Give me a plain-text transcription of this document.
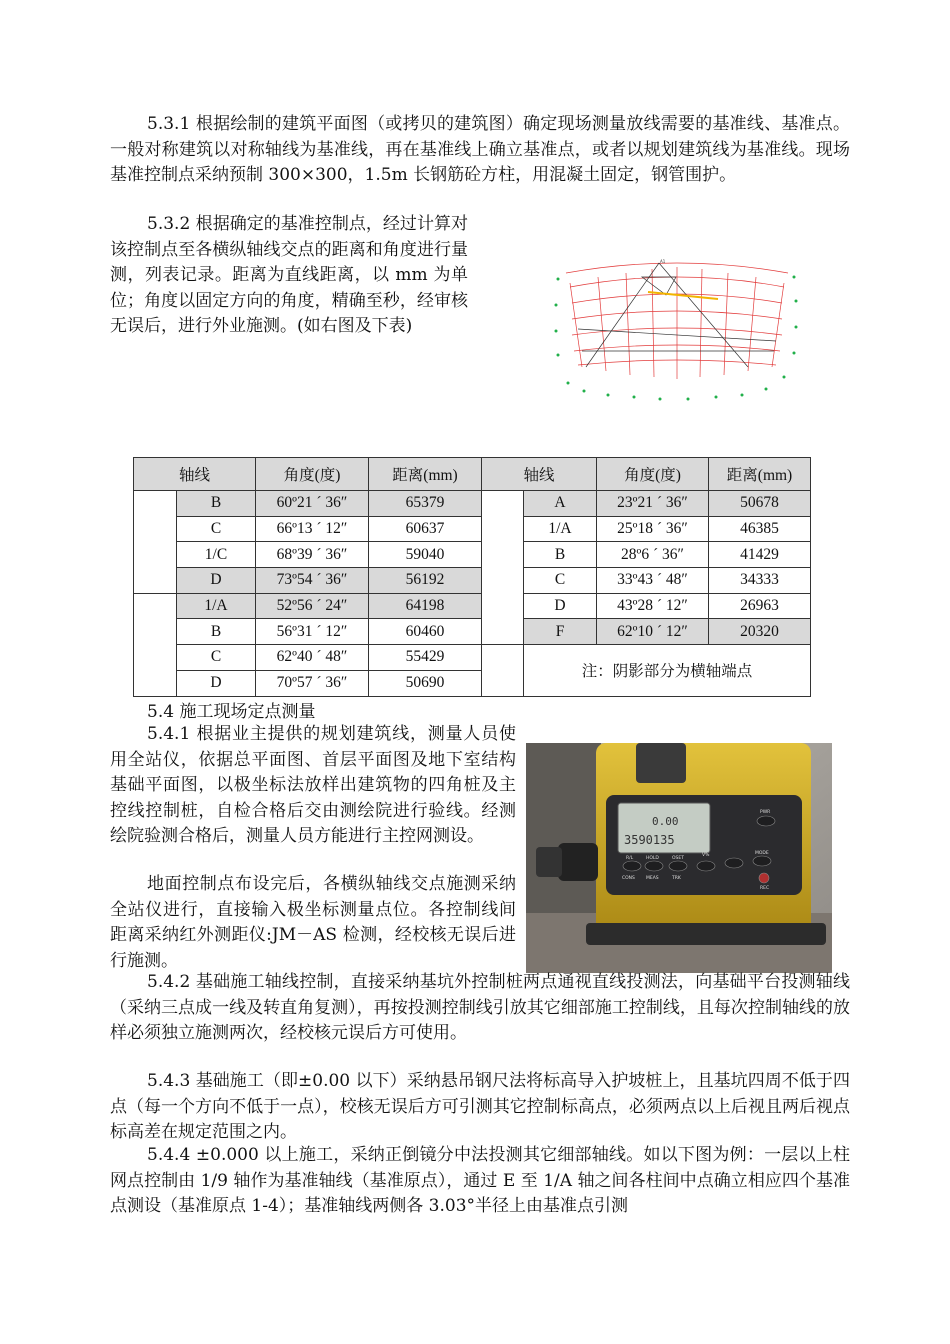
5.3.1 根据绘制的建筑平面图（或拷贝的建筑图）确定现场测量放线需要的基准线、基准点。一般对称建筑以对称轴线为基准线，再在基准线上确立基准点，或者以规划建筑线为基准线。现场基准控制点采纳预制 300×300，1.5m 长钢筋砼方柱，用混凝土固定，钢管围护。

5.3.2 根据确定的基准控制点，经过计算对该控制点至各横纵轴线交点的距离和角度进行量测，列表记录。距离为直线距离，以 mm 为单位；角度以固定方向的角度，精确至秒，经审核无误后，进行外业施测。(如右图及下表)

A1
轴线		角度(度)	距离(mm)	轴线		角度(度)	距离(mm)
	B	60º21 ´ 36″	65379		A	23º21 ´ 36″	50678
	C	66º13 ´ 12″	60637		1/A	25º18 ´ 36″	46385
	1/C	68º39 ´ 36″	59040		B	28º6 ´ 36″	41429
	D	73º54 ´ 36″	56192		C	33º43 ´ 48″	34333
	1/A	52º56 ´ 24″	64198		D	43º28 ´ 12″	26963
	B	56º31 ´ 12″	60460		F	62º10 ´ 12″	20320
	C	62º40 ´ 48″	55429		注：阴影部分为横轴端点		
	D	70º57 ´ 36″	50690				

5.4 施工现场定点测量

5.4.1 根据业主提供的规划建筑线，测量人员使用全站仪，依据总平面图、首层平面图及地下室结构基础平面图，以极坐标法放样出建筑物的四角桩及主控线控制桩，自检合格后交由测绘院进行验线。经测绘院验测合格后，测量人员方能进行主控网测设。

地面控制点布设完后，各横纵轴线交点施测采纳全站仪进行，直接输入极坐标测量点位。各控制线间距离采纳红外测距仪:JM－AS 检测，经校核无误后进行施测。

0.00
3590135
PWR
R/L	HOLD	OSET
V%	MODE
CONS MEAS	TRK
REC

5.4.2 基础施工轴线控制，直接采纳基坑外控制桩两点通视直线投测法，向基础平台投测轴线（采纳三点成一线及转直角复测），再按投测控制线引放其它细部施工控制线，且每次控制轴线的放样必须独立施测两次，经校核元误后方可使用。

5.4.3 基础施工（即±0.00 以下）采纳悬吊钢尺法将标高导入护坡桩上，且基坑四周不低于四点（每一个方向不低于一点），校核无误后方可引测其它控制标高点，必须两点以上后视且两后视点标高差在规定范围之内。

5.4.4 ±0.000 以上施工，采纳正倒镜分中法投测其它细部轴线。如以下图为例：一层以上柱网点控制由 1/9 轴作为基准轴线（基准原点），通过 E 至 1/A 轴之间各柱间中点确立相应四个基准点测设（基准原点 1-4）；基准轴线两侧各 3.03°半径上由基准点引测
